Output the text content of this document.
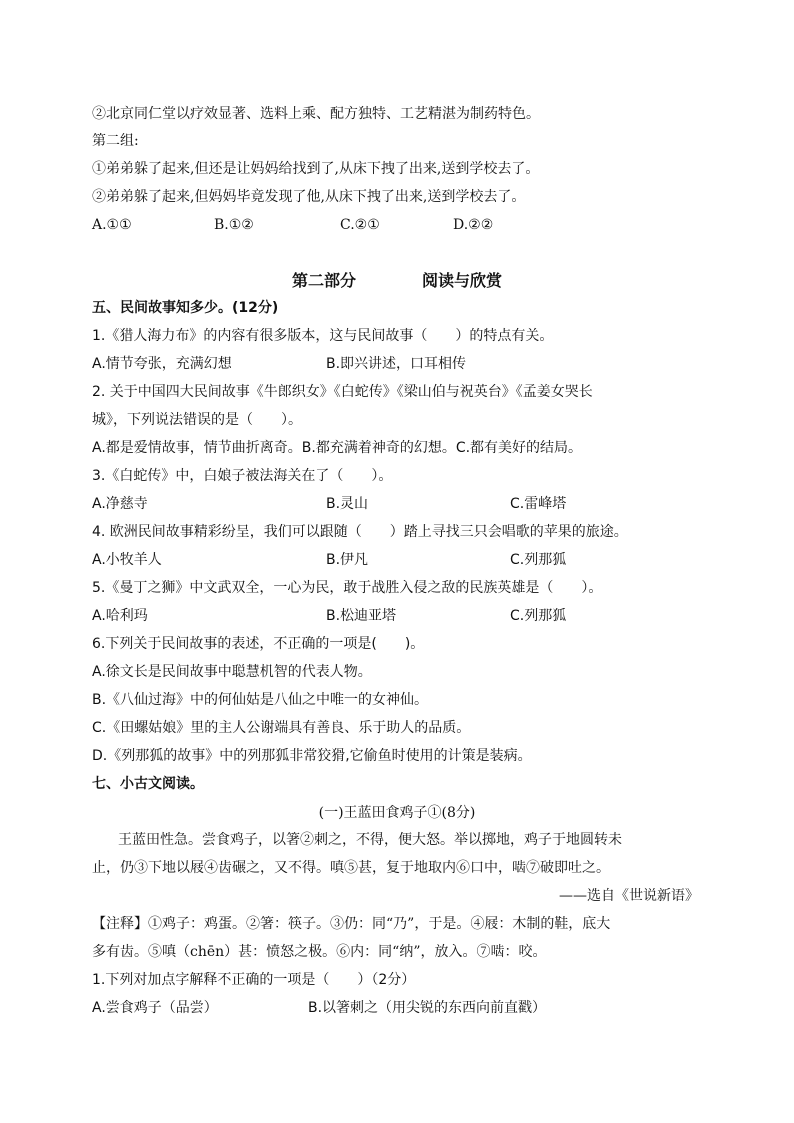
②北京同仁堂以疗效显著、选料上乘、配方独特、工艺精湛为制药特色。
第二组:
①弟弟躲了起来,但还是让妈妈给找到了,从床下拽了出来,送到学校去了。
②弟弟躲了起来,但妈妈毕竟发现了他,从床下拽了出来,送到学校去了。
A.①①	B.①②	C.②①	D.②②
第二部分	阅读与欣赏
五、民间故事知多少。(12分)
1.《猎人海力布》的内容有很多版本，这与民间故事（　　）的特点有关。
A.情节夸张，充满幻想	B.即兴讲述，口耳相传
2. 关于中国四大民间故事《牛郎织女》《白蛇传》《梁山伯与祝英台》《孟姜女哭长
城》，下列说法错误的是（　　）。
A.都是爱情故事，情节曲折离奇。B.都充满着神奇的幻想。C.都有美好的结局。
3.《白蛇传》中，白娘子被法海关在了（　　）。
A.净慈寺	B.灵山	C.雷峰塔
4. 欧洲民间故事精彩纷呈，我们可以跟随（　　）踏上寻找三只会唱歌的苹果的旅途。
A.小牧羊人	B.伊凡	C.列那狐
5.《曼丁之狮》中文武双全，一心为民，敢于战胜入侵之敌的民族英雄是（　　）。
A.哈利玛	B.松迪亚塔	C.列那狐
6.下列关于民间故事的表述，不正确的一项是(　　)。
A.徐文长是民间故事中聪慧机智的代表人物。
B.《八仙过海》中的何仙姑是八仙之中唯一的女神仙。
C.《田螺姑娘》里的主人公谢端具有善良、乐于助人的品质。
D.《列那狐的故事》中的列那狐非常狡猾,它偷鱼时使用的计策是装病。
七、小古文阅读。
(一)王蓝田食鸡子①(8分)
王蓝田性急。尝食鸡子，以箸②刺之，不得，便大怒。举以掷地，鸡子于地圆转未
止，仍③下地以屐④齿碾之，又不得。嗔⑤甚，复于地取内⑥口中，啮⑦破即吐之。
——选自《世说新语》
【注释】①鸡子：鸡蛋。②箸：筷子。③仍：同“乃”，于是。④屐：木制的鞋，底大
多有齿。⑤嗔（chēn）甚：愤怒之极。⑥内：同“纳”，放入。⑦啮：咬。
1.下列对加点字解释不正确的一项是（　　）（2分）
A.尝食鸡子（品尝）	B.以箸刺之（用尖锐的东西向前直戳）
